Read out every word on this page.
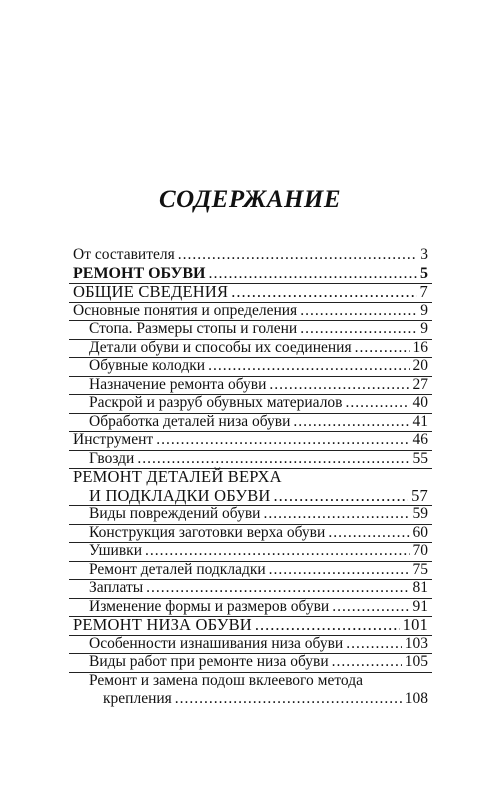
СОДЕРЖАНИЕ
От составителя .....	3
РЕМОНТ ОБУВИ .....	5
ОБЩИЕ СВЕДЕНИЯ .....	7
Основные понятия и определения .....	9
Стопа. Размеры стопы и голени .....	9
Детали обуви и способы их соединения .....	16
Обувные колодки .....	20
Назначение ремонта обуви .....	27
Раскрой и разруб обувных материалов .....	40
Обработка деталей низа обуви .....	41
Инструмент .....	46
Гвозди .....	55
РЕМОНТ ДЕТАЛЕЙ ВЕРХА
И ПОДКЛАДКИ ОБУВИ .....	57
Виды повреждений обуви .....	59
Конструкция заготовки верха обуви .....	60
Ушивки .....	70
Ремонт деталей подкладки .....	75
Заплаты .....	81
Изменение формы и размеров обуви .....	91
РЕМОНТ НИЗА ОБУВИ .....	101
Особенности изнашивания низа обуви .....	103
Виды работ при ремонте низа обуви .....	105
Ремонт и замена подош вклеевого метода
крепления .....	108
